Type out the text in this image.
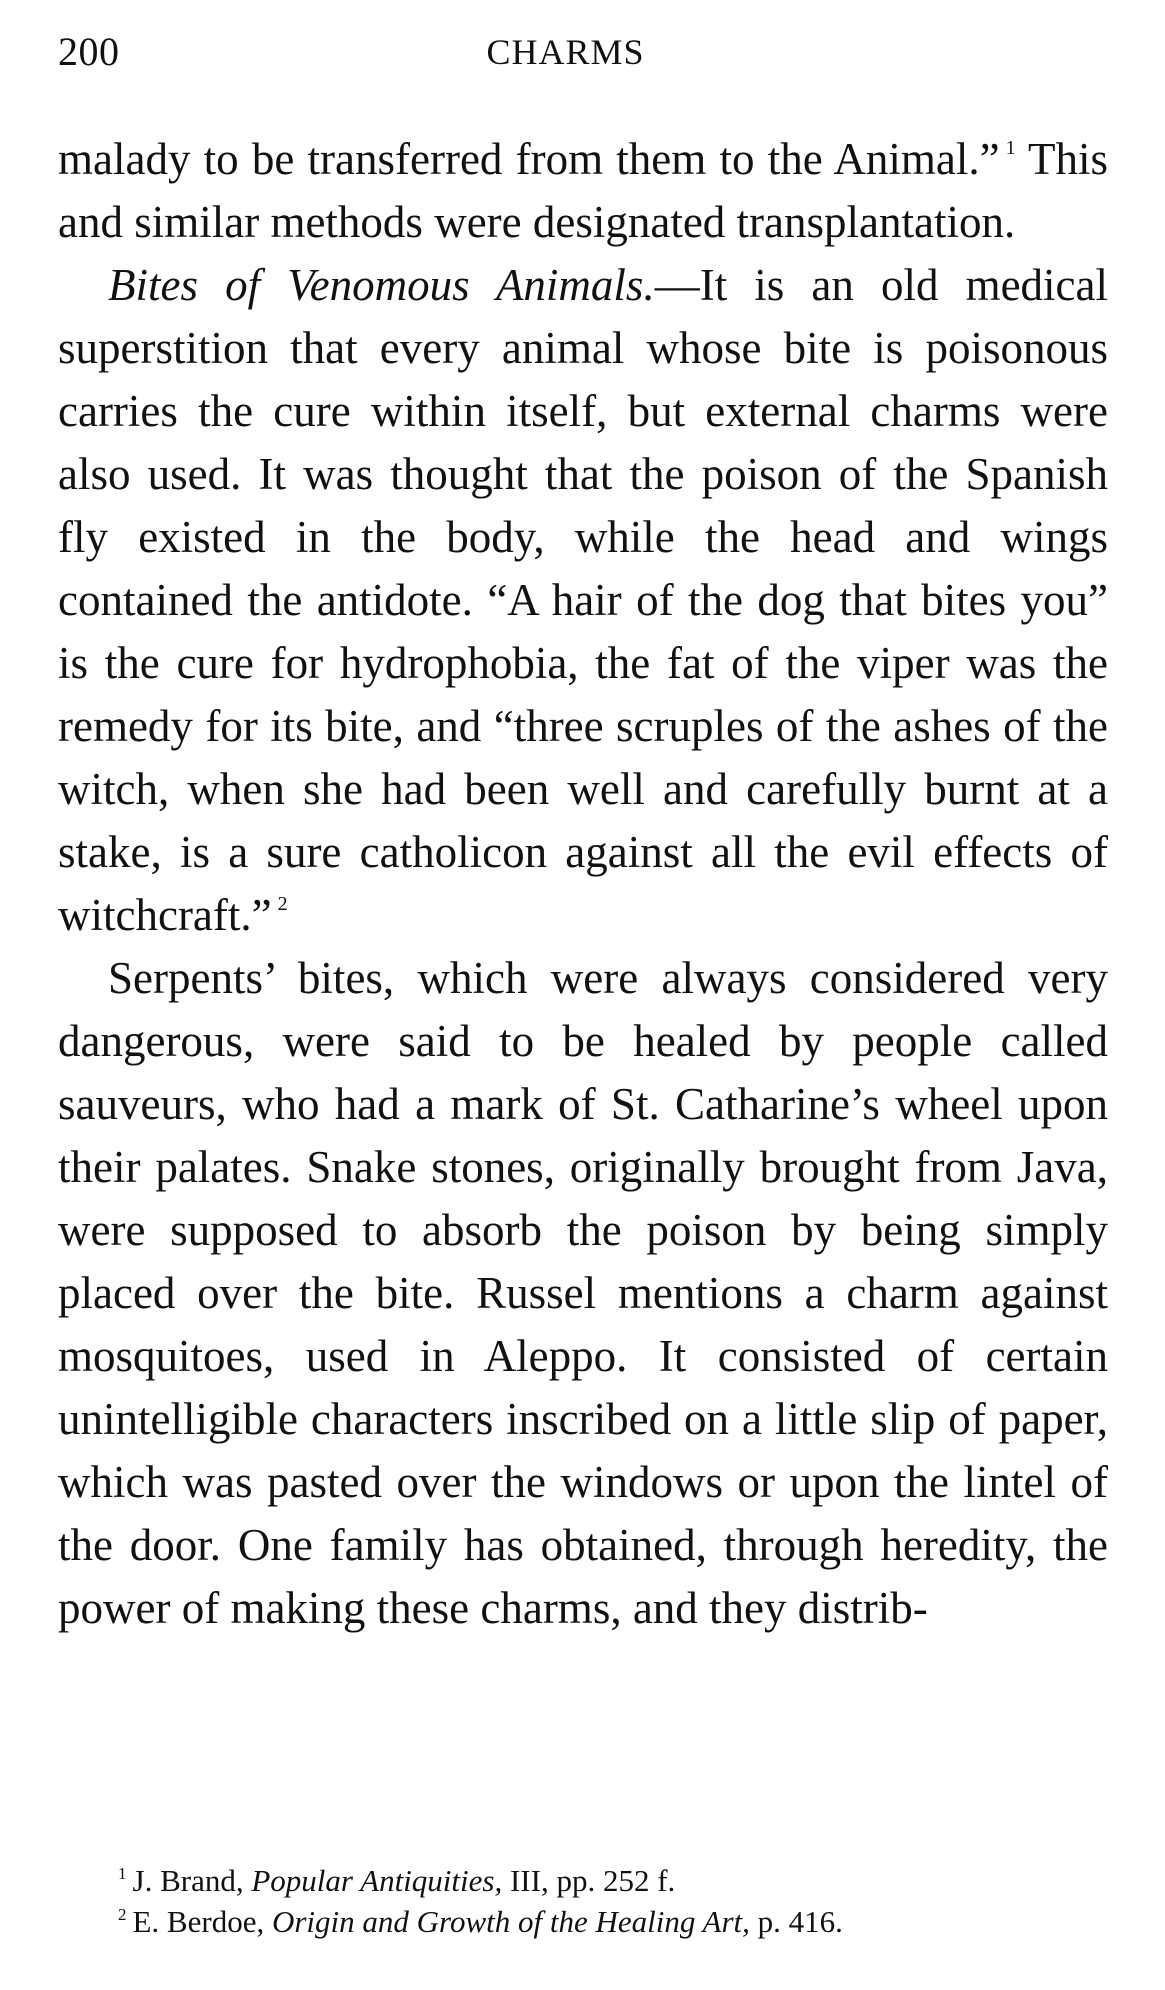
200	CHARMS

malady to be transferred from them to the Animal.” $^1$ This and similar methods were designated transplantation.

Bites of Venomous Animals.—It is an old medical superstition that every animal whose bite is poisonous carries the cure within itself, but external charms were also used. It was thought that the poison of the Spanish fly existed in the body, while the head and wings contained the antidote. “A hair of the dog that bites you” is the cure for hydrophobia, the fat of the viper was the remedy for its bite, and “three scruples of the ashes of the witch, when she had been well and carefully burnt at a stake, is a sure catholicon against all the evil effects of witchcraft.” $^2$

Serpents’ bites, which were always considered very dangerous, were said to be healed by people called sauveurs, who had a mark of St. Catharine’s wheel upon their palates. Snake stones, originally brought from Java, were supposed to absorb the poison by being simply placed over the bite. Russel mentions a charm against mosquitoes, used in Aleppo. It consisted of certain unintelligible characters inscribed on a little slip of paper, which was pasted over the windows or upon the lintel of the door. One family has obtained, through heredity, the power of making these charms, and they distrib-

$^1$ J. Brand, Popular Antiquities, III, pp. 252 f.
$^2$ E. Berdoe, Origin and Growth of the Healing Art, p. 416.
